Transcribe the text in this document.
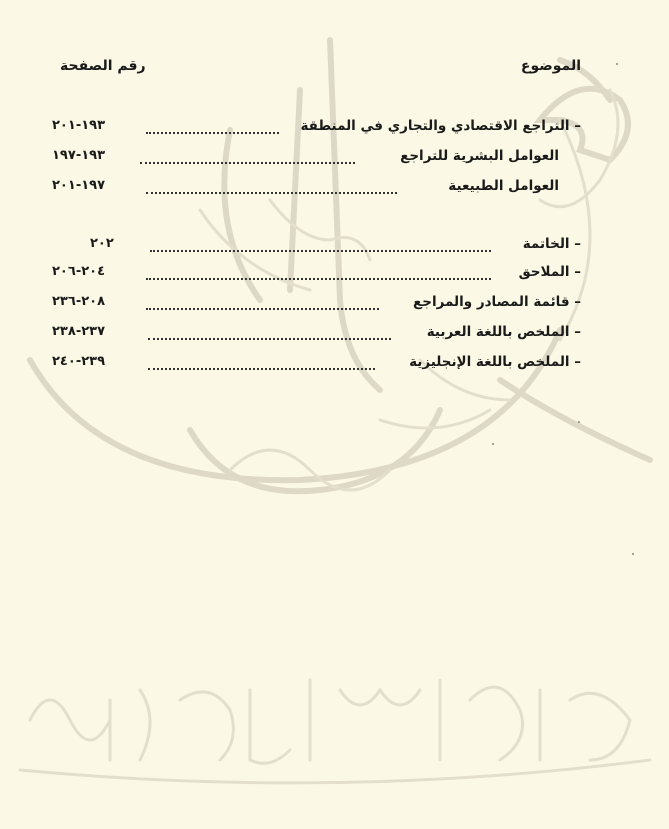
الموضوع
رقم الصفحة
– التراجع الاقتصادي والتجاري في المنطقة
١٩٣-٢٠١
العوامل البشرية للتراجع
١٩٣-١٩٧
العوامل الطبيعية
١٩٧-٢٠١
– الخاتمة
٢٠٢
– الملاحق
٢٠٤-٢٠٦
– قائمة المصادر والمراجع
٢٠٨-٢٣٦
– الملخص باللغة العربية
٢٣٧-٢٣٨
– الملخص باللغة الإنجليزية
٢٣٩-٢٤٠
